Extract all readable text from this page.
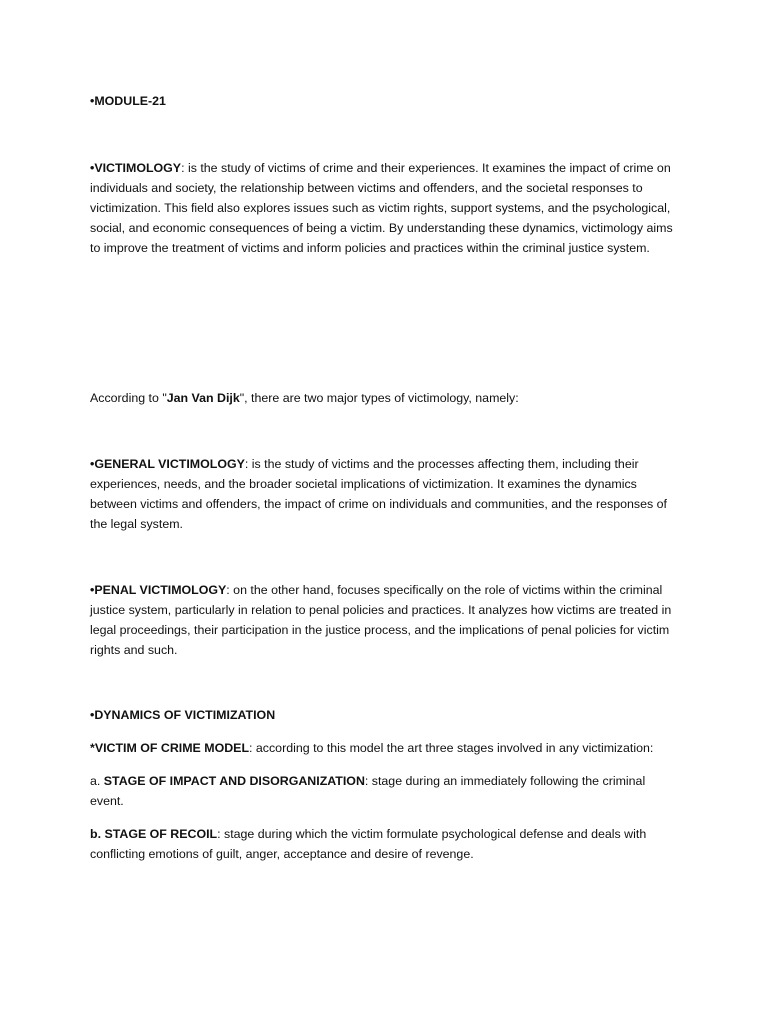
•MODULE-21
•VICTIMOLOGY: is the study of victims of crime and their experiences. It examines the impact of crime on individuals and society, the relationship between victims and offenders, and the societal responses to victimization. This field also explores issues such as victim rights, support systems, and the psychological, social, and economic consequences of being a victim. By understanding these dynamics, victimology aims to improve the treatment of victims and inform policies and practices within the criminal justice system.
According to "Jan Van Dijk", there are two major types of victimology, namely:
•GENERAL VICTIMOLOGY: is the study of victims and the processes affecting them, including their experiences, needs, and the broader societal implications of victimization. It examines the dynamics between victims and offenders, the impact of crime on individuals and communities, and the responses of the legal system.
•PENAL VICTIMOLOGY: on the other hand, focuses specifically on the role of victims within the criminal justice system, particularly in relation to penal policies and practices. It analyzes how victims are treated in legal proceedings, their participation in the justice process, and the implications of penal policies for victim rights and such.
•DYNAMICS OF VICTIMIZATION
*VICTIM OF CRIME MODEL: according to this model the art three stages involved in any victimization:
a. STAGE OF IMPACT AND DISORGANIZATION: stage during an immediately following the criminal event.
b. STAGE OF RECOIL: stage during which the victim formulate psychological defense and deals with conflicting emotions of guilt, anger, acceptance and desire of revenge.
